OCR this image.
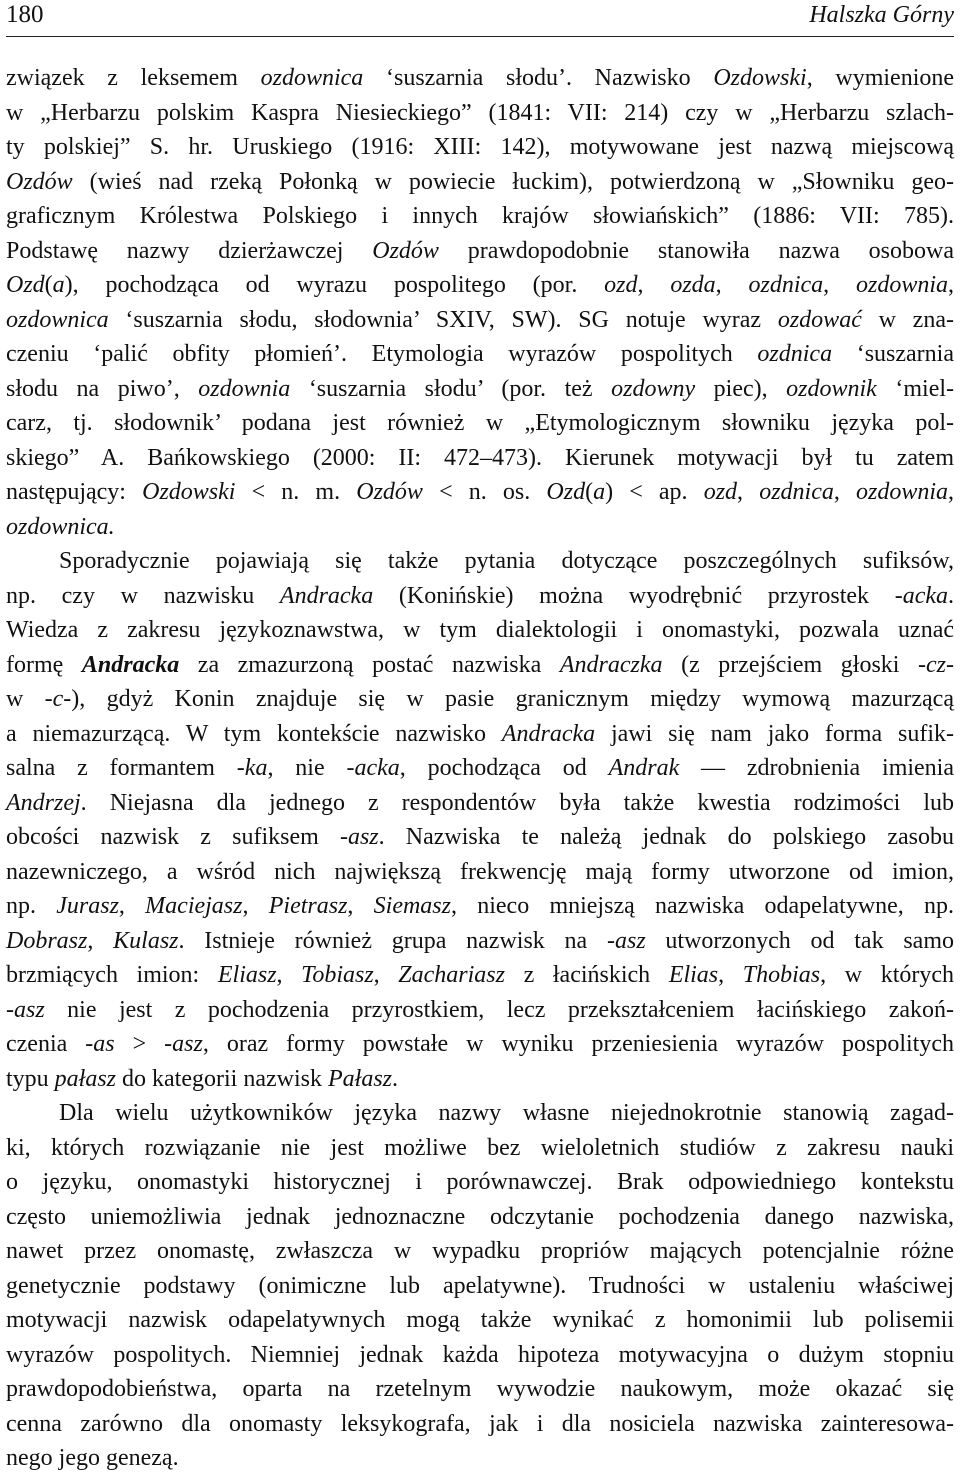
180	Halszka Górny
związek z leksemem ozdownica ‘suszarnia słodu’. Nazwisko Ozdowski, wymienione
w „Herbarzu polskim Kaspra Niesieckiego” (1841: VII: 214) czy w „Herbarzu szlach-
ty polskiej” S. hr. Uruskiego (1916: XIII: 142), motywowane jest nazwą miejscową
Ozdów (wieś nad rzeką Połonką w powiecie łuckim), potwierdzoną w „Słowniku geo-
graficznym Królestwa Polskiego i innych krajów słowiańskich” (1886: VII: 785).
Podstawę nazwy dzierżawczej Ozdów prawdopodobnie stanowiła nazwa osobowa
Ozd(a), pochodząca od wyrazu pospolitego (por. ozd, ozda, ozdnica, ozdownia,
ozdownica ‘suszarnia słodu, słodownia’ SXIV, SW). SG notuje wyraz ozdować w zna-
czeniu ‘palić obfity płomień’. Etymologia wyrazów pospolitych ozdnica ‘suszarnia
słodu na piwo’, ozdownia ‘suszarnia słodu’ (por. też ozdowny piec), ozdownik ‘miel-
carz, tj. słodownik’ podana jest również w „Etymologicznym słowniku języka pol-
skiego” A. Bańkowskiego (2000: II: 472–473). Kierunek motywacji był tu zatem
następujący: Ozdowski < n. m. Ozdów < n. os. Ozd(a) < ap. ozd, ozdnica, ozdownia,
ozdownica.
Sporadycznie pojawiają się także pytania dotyczące poszczególnych sufiksów,
np. czy w nazwisku Andracka (Konińskie) można wyodrębnić przyrostek -acka.
Wiedza z zakresu językoznawstwa, w tym dialektologii i onomastyki, pozwala uznać
formę Andracka za zmazurzoną postać nazwiska Andraczka (z przejściem głoski -cz-
w -c-), gdyż Konin znajduje się w pasie granicznym między wymową mazurzącą
a niemazurzącą. W tym kontekście nazwisko Andracka jawi się nam jako forma sufik-
salna z formantem -ka, nie -acka, pochodząca od Andrak –– zdrobnienia imienia
Andrzej. Niejasna dla jednego z respondentów była także kwestia rodzimości lub
obcości nazwisk z sufiksem -asz. Nazwiska te należą jednak do polskiego zasobu
nazewniczego, a wśród nich największą frekwencję mają formy utworzone od imion,
np. Jurasz, Maciejasz, Pietrasz, Siemasz, nieco mniejszą nazwiska odapelatywne, np.
Dobrasz, Kulasz. Istnieje również grupa nazwisk na -asz utworzonych od tak samo
brzmiących imion: Eliasz, Tobiasz, Zachariasz z łacińskich Elias, Thobias, w których
-asz nie jest z pochodzenia przyrostkiem, lecz przekształceniem łacińskiego zakoń-
czenia -as > -asz, oraz formy powstałe w wyniku przeniesienia wyrazów pospolitych
typu pałasz do kategorii nazwisk Pałasz.
Dla wielu użytkowników języka nazwy własne niejednokrotnie stanowią zagad-
ki, których rozwiązanie nie jest możliwe bez wieloletnich studiów z zakresu nauki
o języku, onomastyki historycznej i porównawczej. Brak odpowiedniego kontekstu
często uniemożliwia jednak jednoznaczne odczytanie pochodzenia danego nazwiska,
nawet przez onomastę, zwłaszcza w wypadku propriów mających potencjalnie różne
genetycznie podstawy (onimiczne lub apelatywne). Trudności w ustaleniu właściwej
motywacji nazwisk odapelatywnych mogą także wynikać z homonimii lub polisemii
wyrazów pospolitych. Niemniej jednak każda hipoteza motywacyjna o dużym stopniu
prawdopodobieństwa, oparta na rzetelnym wywodzie naukowym, może okazać się
cenna zarówno dla onomasty leksykografa, jak i dla nosiciela nazwiska zainteresowa-
nego jego genezą.
